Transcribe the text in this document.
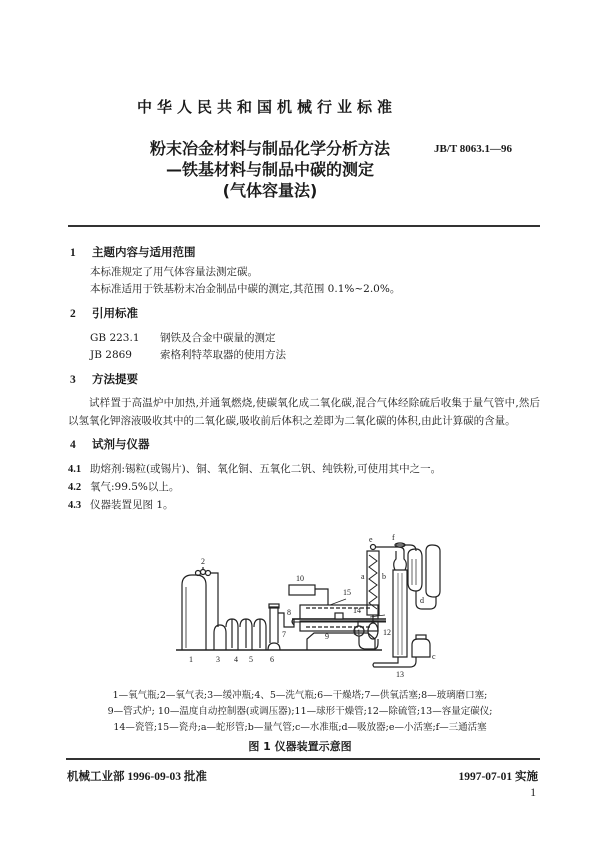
中华人民共和国机械行业标准
粉末冶金材料与制品化学分析方法
—铁基材料与制品中碳的测定
(气体容量法)
JB/T 8063.1—96
1 主题内容与适用范围
本标准规定了用气体容量法测定碳。
本标准适用于铁基粉末冶金制品中碳的测定,其范围 0.1%~2.0%。
2 引用标准
GB 223.1 钢铁及合金中碳量的测定
JB 2869	索格利特萃取器的使用方法
3 方法提要
试样置于高温炉中加热,并通氧燃烧,使碳氧化成二氧化碳,混合气体经除硫后收集于量气管中,然后以氢氧化钾溶液吸收其中的二氧化碳,吸收前后体积之差即为二氧化碳的体积,由此计算碳的含量。
4 试剂与仪器
4.1 助熔剂:锡粒(或锡片)、铜、氧化铜、五氧化二钒、纯铁粉,可使用其中之一。
4.2 氧气:99.5%以上。
4.3 仪器装置见图 1。
1
2
3 4 5 6
7
8
9
10
11	12
13
14
15
a b
c
d
e f
1—氧气瓶;2—氧气表;3—缓冲瓶;4、5—洗气瓶;6—干燥塔;7—供氧活塞;8—玻璃磨口塞;
9—管式炉; 10—温度自动控制器(或调压器);11—球形干燥管;12—除硫管;13—容量定碳仪;
14—瓷管;15—瓷舟;a—蛇形管;b—量气管;c—水准瓶;d—吸放器;e—小活塞;f—三通活塞
图 1 仪器装置示意图
机械工业部 1996-09-03 批准	1997-07-01 实施
1
